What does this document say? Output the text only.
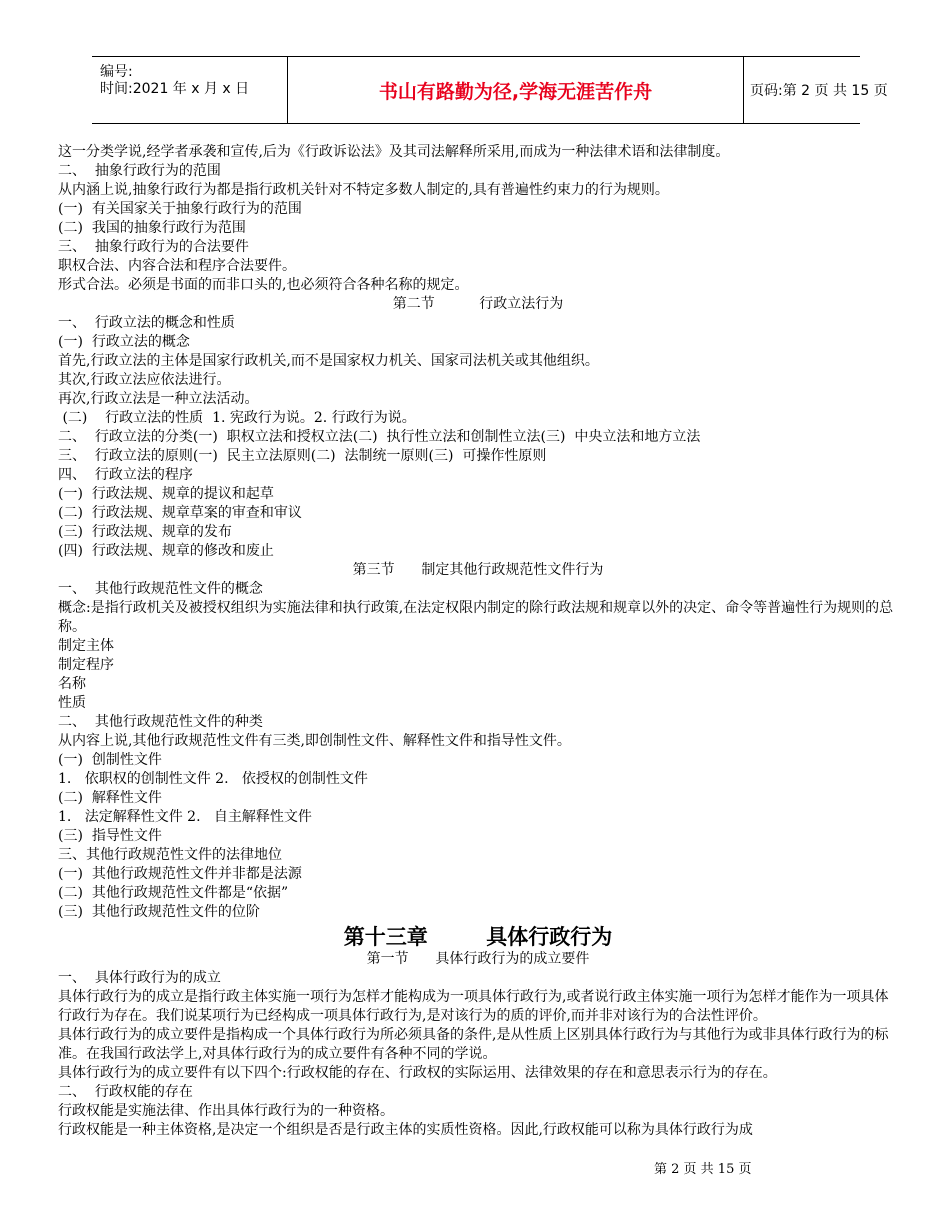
编号:
时间:2021 年 x 月 x 日	书山有路勤为径,学海无涯苦作舟	页码:第 2 页 共 15 页
这一分类学说,经学者承袭和宣传,后为《行政诉讼法》及其司法解释所采用,而成为一种法律术语和法律制度。
二、  抽象行政行为的范围
从内涵上说,抽象行政行为都是指行政机关针对不特定多数人制定的,具有普遍性约束力的行为规则。
(一)  有关国家关于抽象行政行为的范围
(二)  我国的抽象行政行为范围
三、  抽象行政行为的合法要件
职权合法、内容合法和程序合法要件。
形式合法。必须是书面的而非口头的,也必须符合各种名称的规定。
第二节          行政立法行为
一、  行政立法的概念和性质
(一)  行政立法的概念
首先,行政立法的主体是国家行政机关,而不是国家权力机关、国家司法机关或其他组织。
其次,行政立法应依法进行。
再次,行政立法是一种立法活动。
(二)    行政立法的性质  1. 宪政行为说。2. 行政行为说。
二、  行政立法的分类(一)  职权立法和授权立法(二)  执行性立法和创制性立法(三)  中央立法和地方立法
三、  行政立法的原则(一)  民主立法原则(二)  法制统一原则(三)  可操作性原则
四、  行政立法的程序
(一)  行政法规、规章的提议和起草
(二)  行政法规、规章草案的审查和审议
(三)  行政法规、规章的发布
(四)  行政法规、规章的修改和废止
第三节      制定其他行政规范性文件行为
一、  其他行政规范性文件的概念
概念:是指行政机关及被授权组织为实施法律和执行政策,在法定权限内制定的除行政法规和规章以外的决定、命令等普遍性行为规则的总称。
制定主体
制定程序
名称
性质
二、  其他行政规范性文件的种类
从内容上说,其他行政规范性文件有三类,即创制性文件、解释性文件和指导性文件。
(一)  创制性文件
1.   依职权的创制性文件 2.   依授权的创制性文件
(二)  解释性文件
1.   法定解释性文件 2.   自主解释性文件
(三)  指导性文件
三、其他行政规范性文件的法律地位
(一)  其他行政规范性文件并非都是法源
(二)  其他行政规范性文件都是“依据”
(三)  其他行政规范性文件的位阶
第十三章        具体行政行为
第一节      具体行政行为的成立要件
一、  具体行政行为的成立
具体行政行为的成立是指行政主体实施一项行为怎样才能构成为一项具体行政行为,或者说行政主体实施一项行为怎样才能作为一项具体行政行为存在。我们说某项行为已经构成一项具体行政行为,是对该行为的质的评价,而并非对该行为的合法性评价。
具体行政行为的成立要件是指构成一个具体行政行为所必须具备的条件,是从性质上区别具体行政行为与其他行为或非具体行政行为的标准。在我国行政法学上,对具体行政行为的成立要件有各种不同的学说。
具体行政行为的成立要件有以下四个:行政权能的存在、行政权的实际运用、法律效果的存在和意思表示行为的存在。
二、  行政权能的存在
行政权能是实施法律、作出具体行政行为的一种资格。
行政权能是一种主体资格,是决定一个组织是否是行政主体的实质性资格。因此,行政权能可以称为具体行政行为成
第 2 页 共 15 页
